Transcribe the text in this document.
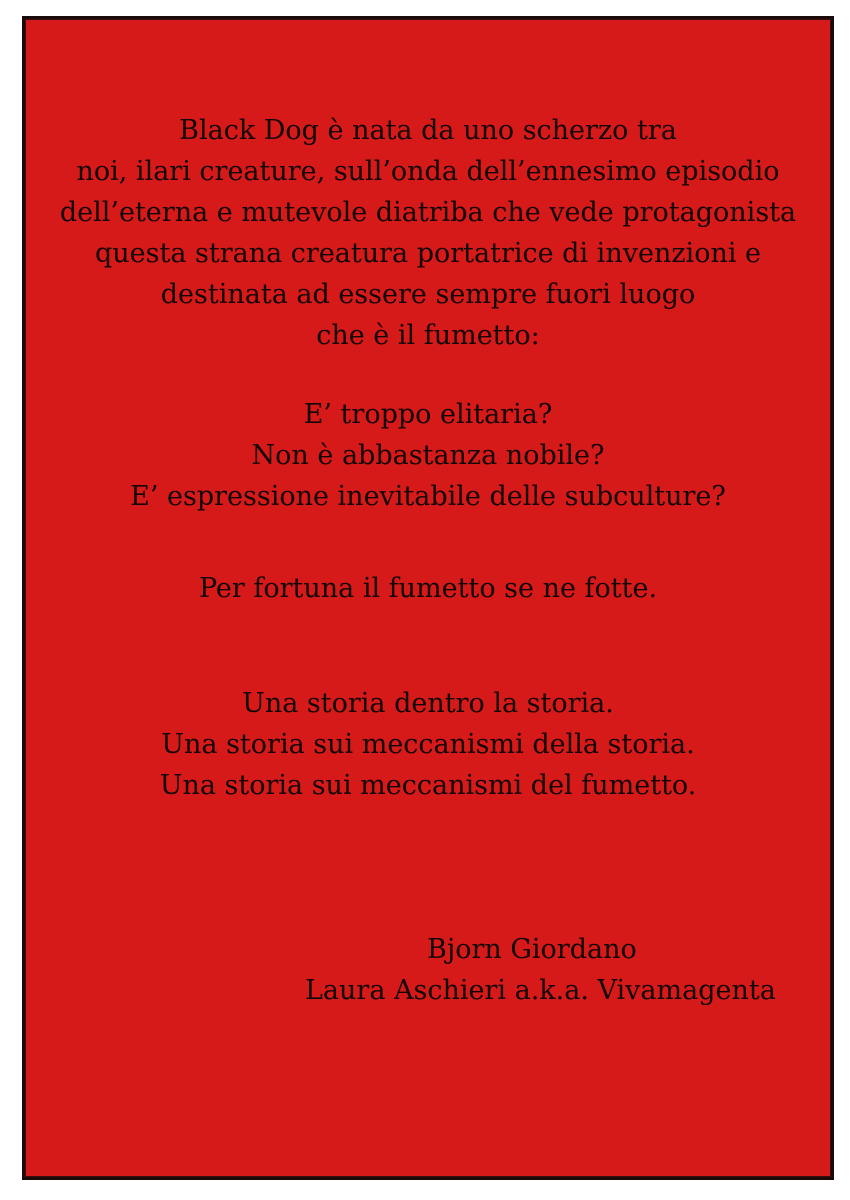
Black Dog è nata da uno scherzo tra
noi, ilari creature, sull’onda dell’ennesimo episodio
dell’eterna e mutevole diatriba che vede protagonista
questa strana creatura portatrice di invenzioni e
destinata ad essere sempre fuori luogo
che è il fumetto:
E’ troppo elitaria?
Non è abbastanza nobile?
E’ espressione inevitabile delle subculture?
Per fortuna il fumetto se ne fotte.
Una storia dentro la storia.
Una storia sui meccanismi della storia.
Una storia sui meccanismi del fumetto.
Bjorn Giordano
Laura Aschieri a.k.a. Vivamagenta
